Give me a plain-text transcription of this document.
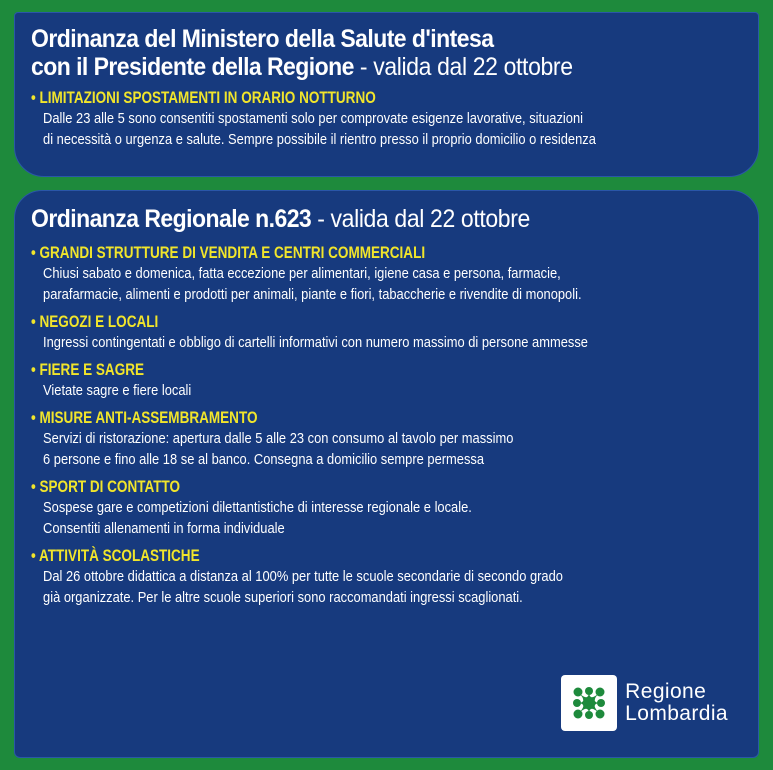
Ordinanza del Ministero della Salute d'intesa
con il Presidente della Regione - valida dal 22 ottobre
• LIMITAZIONI SPOSTAMENTI IN ORARIO NOTTURNO
Dalle 23 alle 5 sono consentiti spostamenti solo per comprovate esigenze lavorative, situazioni
di necessità o urgenza e salute. Sempre possibile il rientro presso il proprio domicilio o residenza
Ordinanza Regionale n.623 - valida dal 22 ottobre
• GRANDI STRUTTURE DI VENDITA E CENTRI COMMERCIALI
Chiusi sabato e domenica, fatta eccezione per alimentari, igiene casa e persona, farmacie,
parafarmacie, alimenti e prodotti per animali, piante e fiori, tabaccherie e rivendite di monopoli.
• NEGOZI E LOCALI
Ingressi contingentati e obbligo di cartelli informativi con numero massimo di persone ammesse
• FIERE E SAGRE
Vietate sagre e fiere locali
• MISURE ANTI-ASSEMBRAMENTO
Servizi di ristorazione: apertura dalle 5 alle 23 con consumo al tavolo per massimo
6 persone e fino alle 18 se al banco. Consegna a domicilio sempre permessa
• SPORT DI CONTATTO
Sospese gare e competizioni dilettantistiche di interesse regionale e locale.
Consentiti allenamenti in forma individuale
• ATTIVITÀ SCOLASTICHE
Dal 26 ottobre didattica a distanza al 100% per tutte le scuole secondarie di secondo grado
già organizzate. Per le altre scuole superiori sono raccomandati ingressi scaglionati.
Regione
Lombardia
